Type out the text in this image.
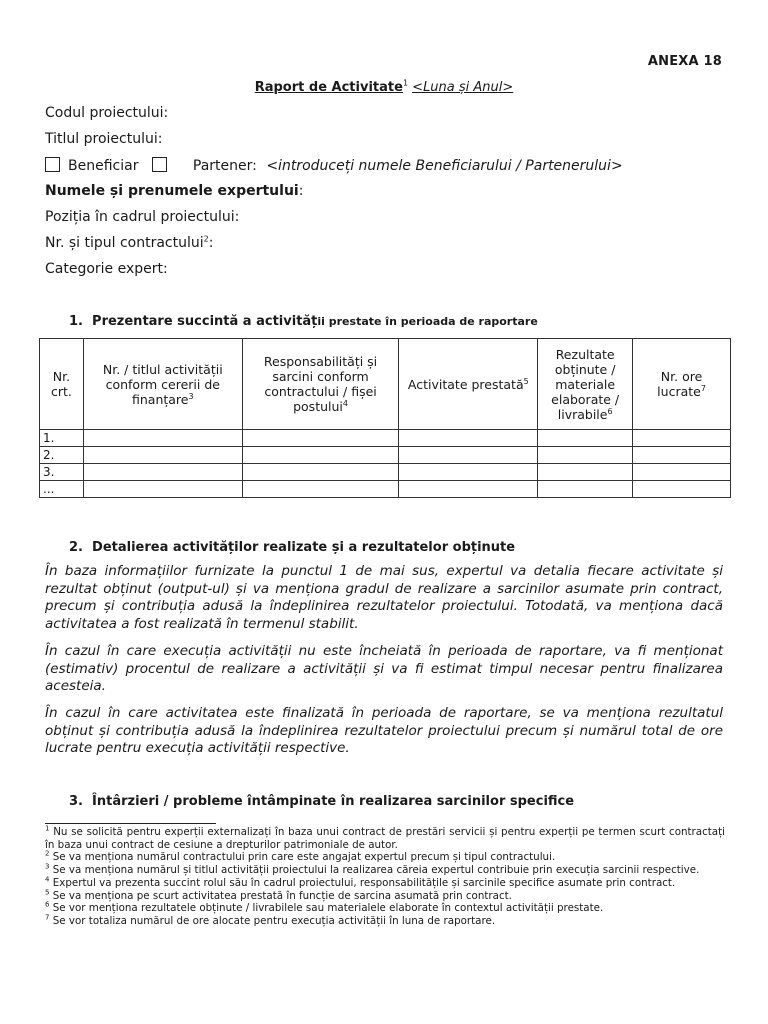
ANEXA 18
Raport de Activitate$^1$ <Luna și Anul>
Codul proiectului:
Titlul proiectului:
Beneficiar	Partener: <introduceți numele Beneficiarului / Partenerului>
Numele și prenumele expertului:
Poziția în cadrul proiectului:
Nr. și tipul contractului$^2$:
Categorie expert:
1. Prezentare succintă a activității prestate în perioada de raportare
Nr. crt.	Nr. / titlul activității conform cererii de finanțare$^3$	Responsabilități și sarcini conform contractului / fișei postului$^4$	Activitate prestată$^5$	Rezultate obținute / materiale elaborate / livrabile$^6$	Nr. ore lucrate$^7$
1.					
2.					
3.					
...					
2. Detalierea activităților realizate și a rezultatelor obținute
În baza informațiilor furnizate la punctul 1 de mai sus, expertul va detalia fiecare activitate și rezultat obținut (output-ul) și va menționa gradul de realizare a sarcinilor asumate prin contract, precum și contribuția adusă la îndeplinirea rezultatelor proiectului. Totodată, va menționa dacă activitatea a fost realizată în termenul stabilit.
În cazul în care execuția activității nu este încheiată în perioada de raportare, va fi menționat (estimativ) procentul de realizare a activității și va fi estimat timpul necesar pentru finalizarea acesteia.
În cazul în care activitatea este finalizată în perioada de raportare, se va menționa rezultatul obținut și contribuția adusă la îndeplinirea rezultatelor proiectului precum și numărul total de ore lucrate pentru execuția activității respective.
3. Întârzieri / probleme întâmpinate în realizarea sarcinilor specifice

$^1$ Nu se solicită pentru experții externalizați în baza unui contract de prestări servicii și pentru experții pe termen scurt contractați în baza unui contract de cesiune a drepturilor patrimoniale de autor.

$^2$ Se va menționa numărul contractului prin care este angajat expertul precum și tipul contractului.

$^3$ Se va menționa numărul și titlul activității proiectului la realizarea căreia expertul contribuie prin execuția sarcinii respective.

$^4$ Expertul va prezenta succint rolul său în cadrul proiectului, responsabilitățile și sarcinile specifice asumate prin contract.

$^5$ Se va menționa pe scurt activitatea prestată în funcție de sarcina asumată prin contract.

$^6$ Se vor menționa rezultatele obținute / livrabilele sau materialele elaborate în contextul activității prestate.

$^7$ Se vor totaliza numărul de ore alocate pentru execuția activității în luna de raportare.
